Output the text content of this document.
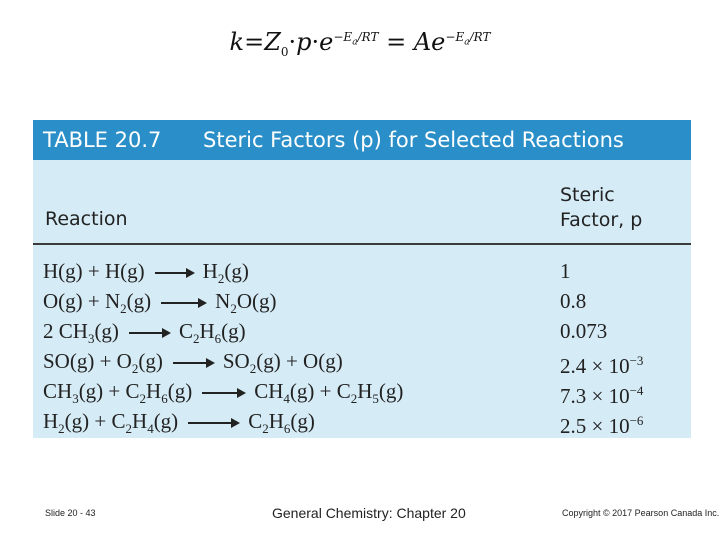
$k=Z_0\cdot p\cdot e^{-E_a/RT} = Ae^{-E_a/RT}$
TABLE 20.7 Steric Factors (p) for Selected Reactions
Reaction
Steric
Factor, p
H(g) + H(g)	$H_2(g)$	1
$O(g) + N_2(g)$	$N_2O(g)$	0.8
2 $CH_3(g)$	$C_2H_6(g)$	0.073
$SO(g) + O_2(g)$	$SO_2(g) + O(g)$	$2.4 \times 10^{-3}$
$CH_3(g) + C_2H_6(g)$	$CH_4(g) + C_2H_5(g)$	$7.3 \times 10^{-4}$
$H_2(g) + C_2H_4(g)$	$C_2H_6(g)$	$2.5 \times 10^{-6}$
Slide 20 - 43	General Chemistry: Chapter 20	Copyright © 2017 Pearson Canada Inc.
